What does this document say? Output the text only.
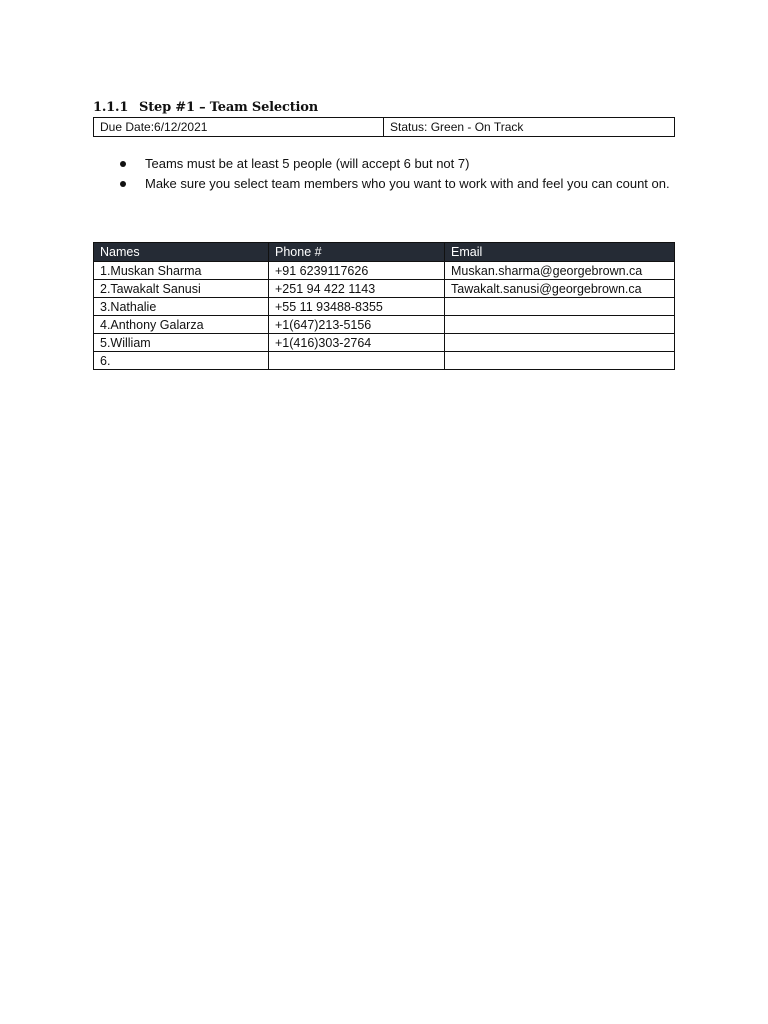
1.1.1 Step #1 – Team Selection
Due Date:6/12/2021	Status: Green - On Track
Teams must be at least 5 people (will accept 6 but not 7)
Make sure you select team members who you want to work with and feel you can count on.
Names	Phone #	Email
1.Muskan Sharma	+91 6239117626	Muskan.sharma@georgebrown.ca
2.Tawakalt Sanusi	+251 94 422 1143	Tawakalt.sanusi@georgebrown.ca
3.Nathalie	+55 11 93488-8355	
4.Anthony Galarza	+1(647)213-5156	
5.William	+1(416)303-2764	
6.		
